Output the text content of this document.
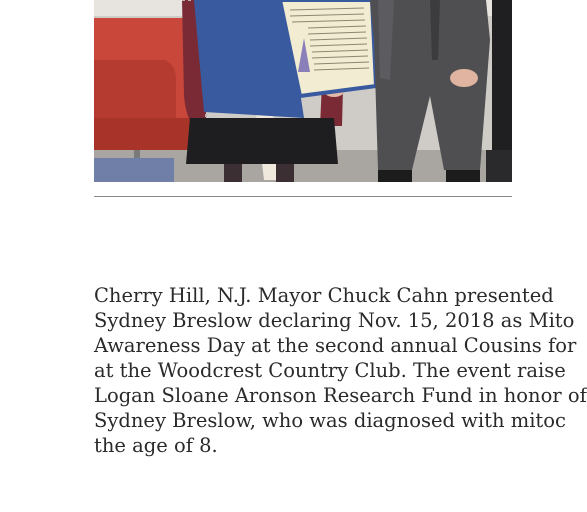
Cherry Hill, N.J. Mayor Chuck Cahn presented
Sydney Breslow declaring Nov. 15, 2018 as Mito
Awareness Day at the second annual Cousins for
at the Woodcrest Country Club. The event raise
Logan Sloane Aronson Research Fund in honor of
Sydney Breslow, who was diagnosed with mitoc
the age of 8.
